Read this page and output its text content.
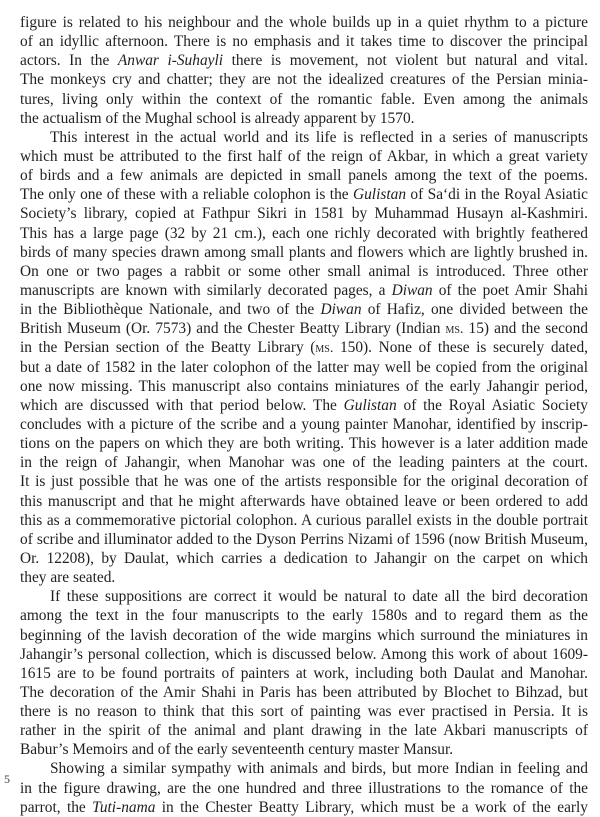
figure is related to his neighbour and the whole builds up in a quiet rhythm to a picture
of an idyllic afternoon. There is no emphasis and it takes time to discover the principal
actors. In the Anwar i-Suhayli there is movement, not violent but natural and vital.
The monkeys cry and chatter; they are not the idealized creatures of the Persian minia-
tures, living only within the context of the romantic fable. Even among the animals
the actualism of the Mughal school is already apparent by 1570.
This interest in the actual world and its life is reflected in a series of manuscripts
which must be attributed to the first half of the reign of Akbar, in which a great variety
of birds and a few animals are depicted in small panels among the text of the poems.
The only one of these with a reliable colophon is the Gulistan of Sa‘di in the Royal Asiatic
Society’s library, copied at Fathpur Sikri in 1581 by Muhammad Husayn al-Kashmiri.
This has a large page (32 by 21 cm.), each one richly decorated with brightly feathered
birds of many species drawn among small plants and flowers which are lightly brushed in.
On one or two pages a rabbit or some other small animal is introduced. Three other
manuscripts are known with similarly decorated pages, a Diwan of the poet Amir Shahi
in the Bibliothèque Nationale, and two of the Diwan of Hafiz, one divided between the
British Museum (Or. 7573) and the Chester Beatty Library (Indian ms. 15) and the second
in the Persian section of the Beatty Library (ms. 150). None of these is securely dated,
but a date of 1582 in the later colophon of the latter may well be copied from the original
one now missing. This manuscript also contains miniatures of the early Jahangir period,
which are discussed with that period below. The Gulistan of the Royal Asiatic Society
concludes with a picture of the scribe and a young painter Manohar, identified by inscrip-
tions on the papers on which they are both writing. This however is a later addition made
in the reign of Jahangir, when Manohar was one of the leading painters at the court.
It is just possible that he was one of the artists responsible for the original decoration of
this manuscript and that he might afterwards have obtained leave or been ordered to add
this as a commemorative pictorial colophon. A curious parallel exists in the double portrait
of scribe and illuminator added to the Dyson Perrins Nizami of 1596 (now British Museum,
Or. 12208), by Daulat, which carries a dedication to Jahangir on the carpet on which
they are seated.
If these suppositions are correct it would be natural to date all the bird decoration
among the text in the four manuscripts to the early 1580s and to regard them as the
beginning of the lavish decoration of the wide margins which surround the miniatures in
Jahangir’s personal collection, which is discussed below. Among this work of about 1609-
1615 are to be found portraits of painters at work, including both Daulat and Manohar.
The decoration of the Amir Shahi in Paris has been attributed by Blochet to Bihzad, but
there is no reason to think that this sort of painting was ever practised in Persia. It is
rather in the spirit of the animal and plant drawing in the late Akbari manuscripts of
Babur’s Memoirs and of the early seventeenth century master Mansur.
Showing a similar sympathy with animals and birds, but more Indian in feeling and
in the figure drawing, are the one hundred and three illustrations to the romance of the
parrot, the Tuti-nama in the Chester Beatty Library, which must be a work of the early
5
